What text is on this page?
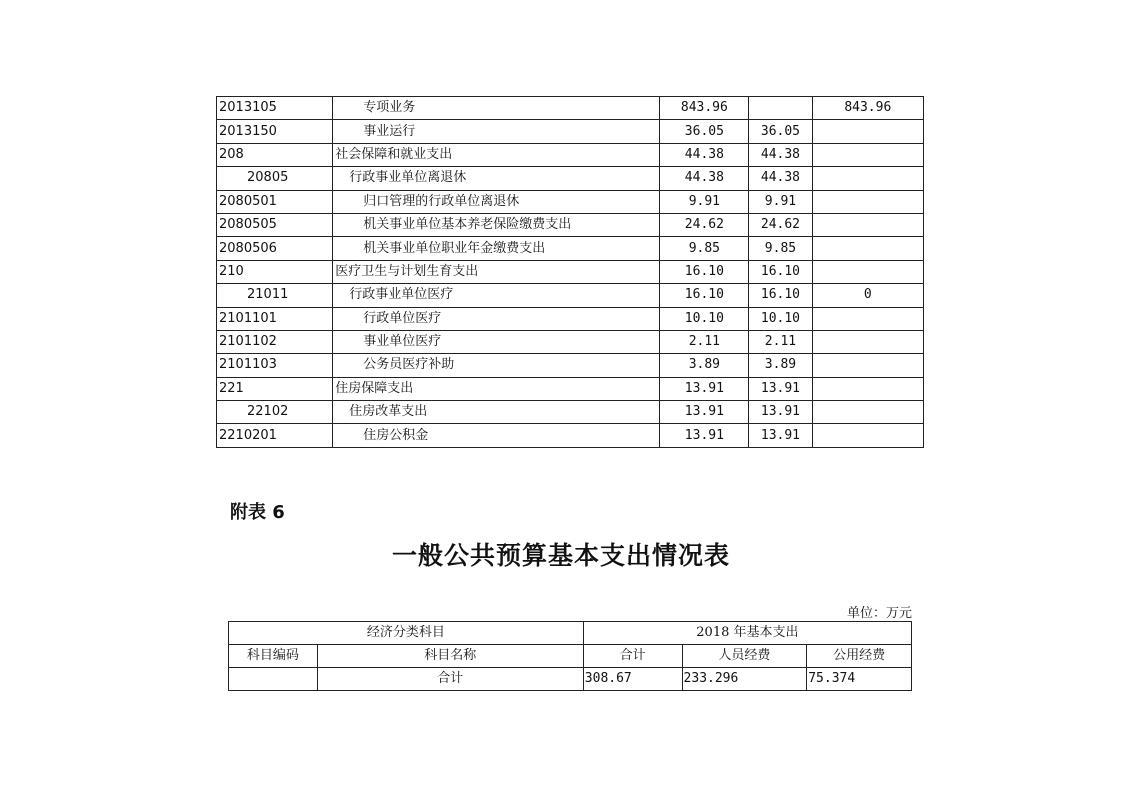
2013105	专项业务	843.96		843.96
2013150	事业运行	36.05	36.05	
208	社会保障和就业支出	44.38	44.38	
20805	行政事业单位离退休	44.38	44.38	
2080501	归口管理的行政单位离退休	9.91	9.91	
2080505	机关事业单位基本养老保险缴费支出	24.62	24.62	
2080506	机关事业单位职业年金缴费支出	9.85	9.85	
210	医疗卫生与计划生育支出	16.10	16.10	
21011	行政事业单位医疗	16.10	16.10	0
2101101	行政单位医疗	10.10	10.10	
2101102	事业单位医疗	2.11	2.11	
2101103	公务员医疗补助	3.89	3.89	
221	住房保障支出	13.91	13.91	
22102	住房改革支出	13.91	13.91	
2210201	住房公积金	13.91	13.91	
附表 6
一般公共预算基本支出情况表
单位：万元
经济分类科目		2018 年基本支出		
科目编码	科目名称	合计	人员经费	公用经费
	合计	308.67	233.296	75.374
